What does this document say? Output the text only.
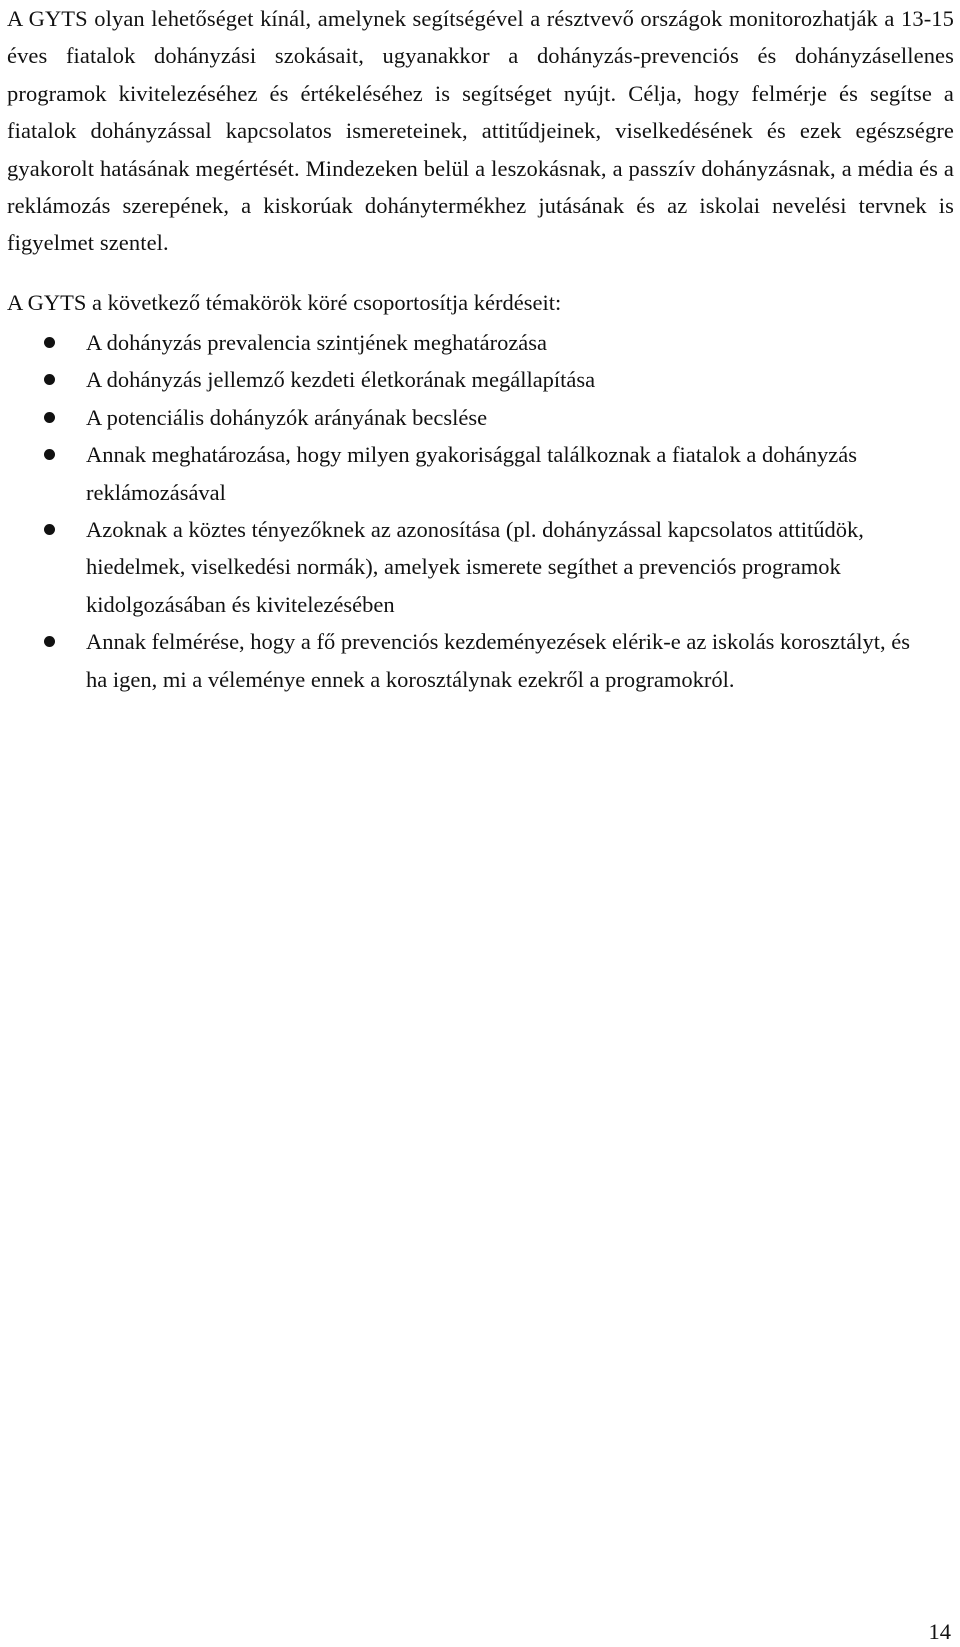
A GYTS olyan lehetőséget kínál, amelynek segítségével a résztvevő országok monitorozhatják a 13-15 éves fiatalok dohányzási szokásait, ugyanakkor a dohányzás-prevenciós és dohányzásellenes programok kivitelezéséhez és értékeléséhez is segítséget nyújt. Célja, hogy felmérje és segítse a fiatalok dohányzással kapcsolatos ismereteinek, attitűdjeinek, viselkedésének és ezek egészségre gyakorolt hatásának megértését. Mindezeken belül a leszokásnak, a passzív dohányzásnak, a média és a reklámozás szerepének, a kiskorúak dohánytermékhez jutásának és az iskolai nevelési tervnek is figyelmet szentel.

A GYTS a következő témakörök köré csoportosítja kérdéseit:

A dohányzás prevalencia szintjének meghatározása
A dohányzás jellemző kezdeti életkorának megállapítása
A potenciális dohányzók arányának becslése
Annak meghatározása, hogy milyen gyakorisággal találkoznak a fiatalok a dohányzás reklámozásával
Azoknak a köztes tényezőknek az azonosítása (pl. dohányzással kapcsolatos attitűdök, hiedelmek, viselkedési normák), amelyek ismerete segíthet a prevenciós programok kidolgozásában és kivitelezésében
Annak felmérése, hogy a fő prevenciós kezdeményezések elérik-e az iskolás korosztályt, és ha igen, mi a véleménye ennek a korosztálynak ezekről a programokról.
14
